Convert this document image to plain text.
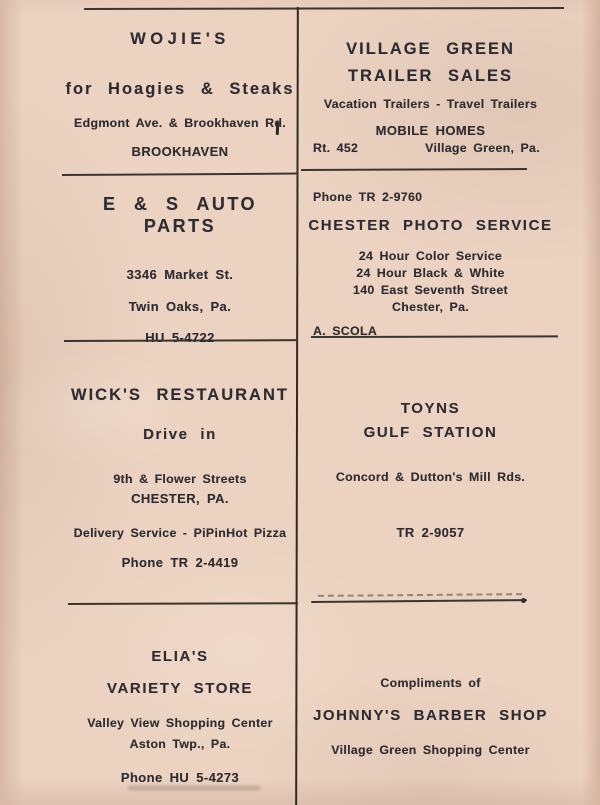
WOJIE'S
for Hoagies & Steaks
Edgmont Ave. & Brookhaven Rd.
BROOKHAVEN
VILLAGE GREEN
TRAILER SALES
Vacation Trailers - Travel Trailers
MOBILE HOMES
Rt. 452	Village Green, Pa.
E & S AUTO PARTS
3346 Market St.
Twin Oaks, Pa.
HU 5-4722
Phone TR 2-9760
CHESTER PHOTO SERVICE
24 Hour Color Service
24 Hour Black & White
140 East Seventh Street
Chester, Pa.
A. SCOLA
WICK'S RESTAURANT
Drive in
9th & Flower Streets
CHESTER, PA.
Delivery Service - PiPinHot Pizza
Phone TR 2-4419
TOYNS
GULF STATION
Concord & Dutton's Mill Rds.
TR 2-9057
ELIA'S
VARIETY STORE
Valley View Shopping Center
Aston Twp., Pa.
Phone HU 5-4273
Compliments of
JOHNNY'S BARBER SHOP
Village Green Shopping Center
